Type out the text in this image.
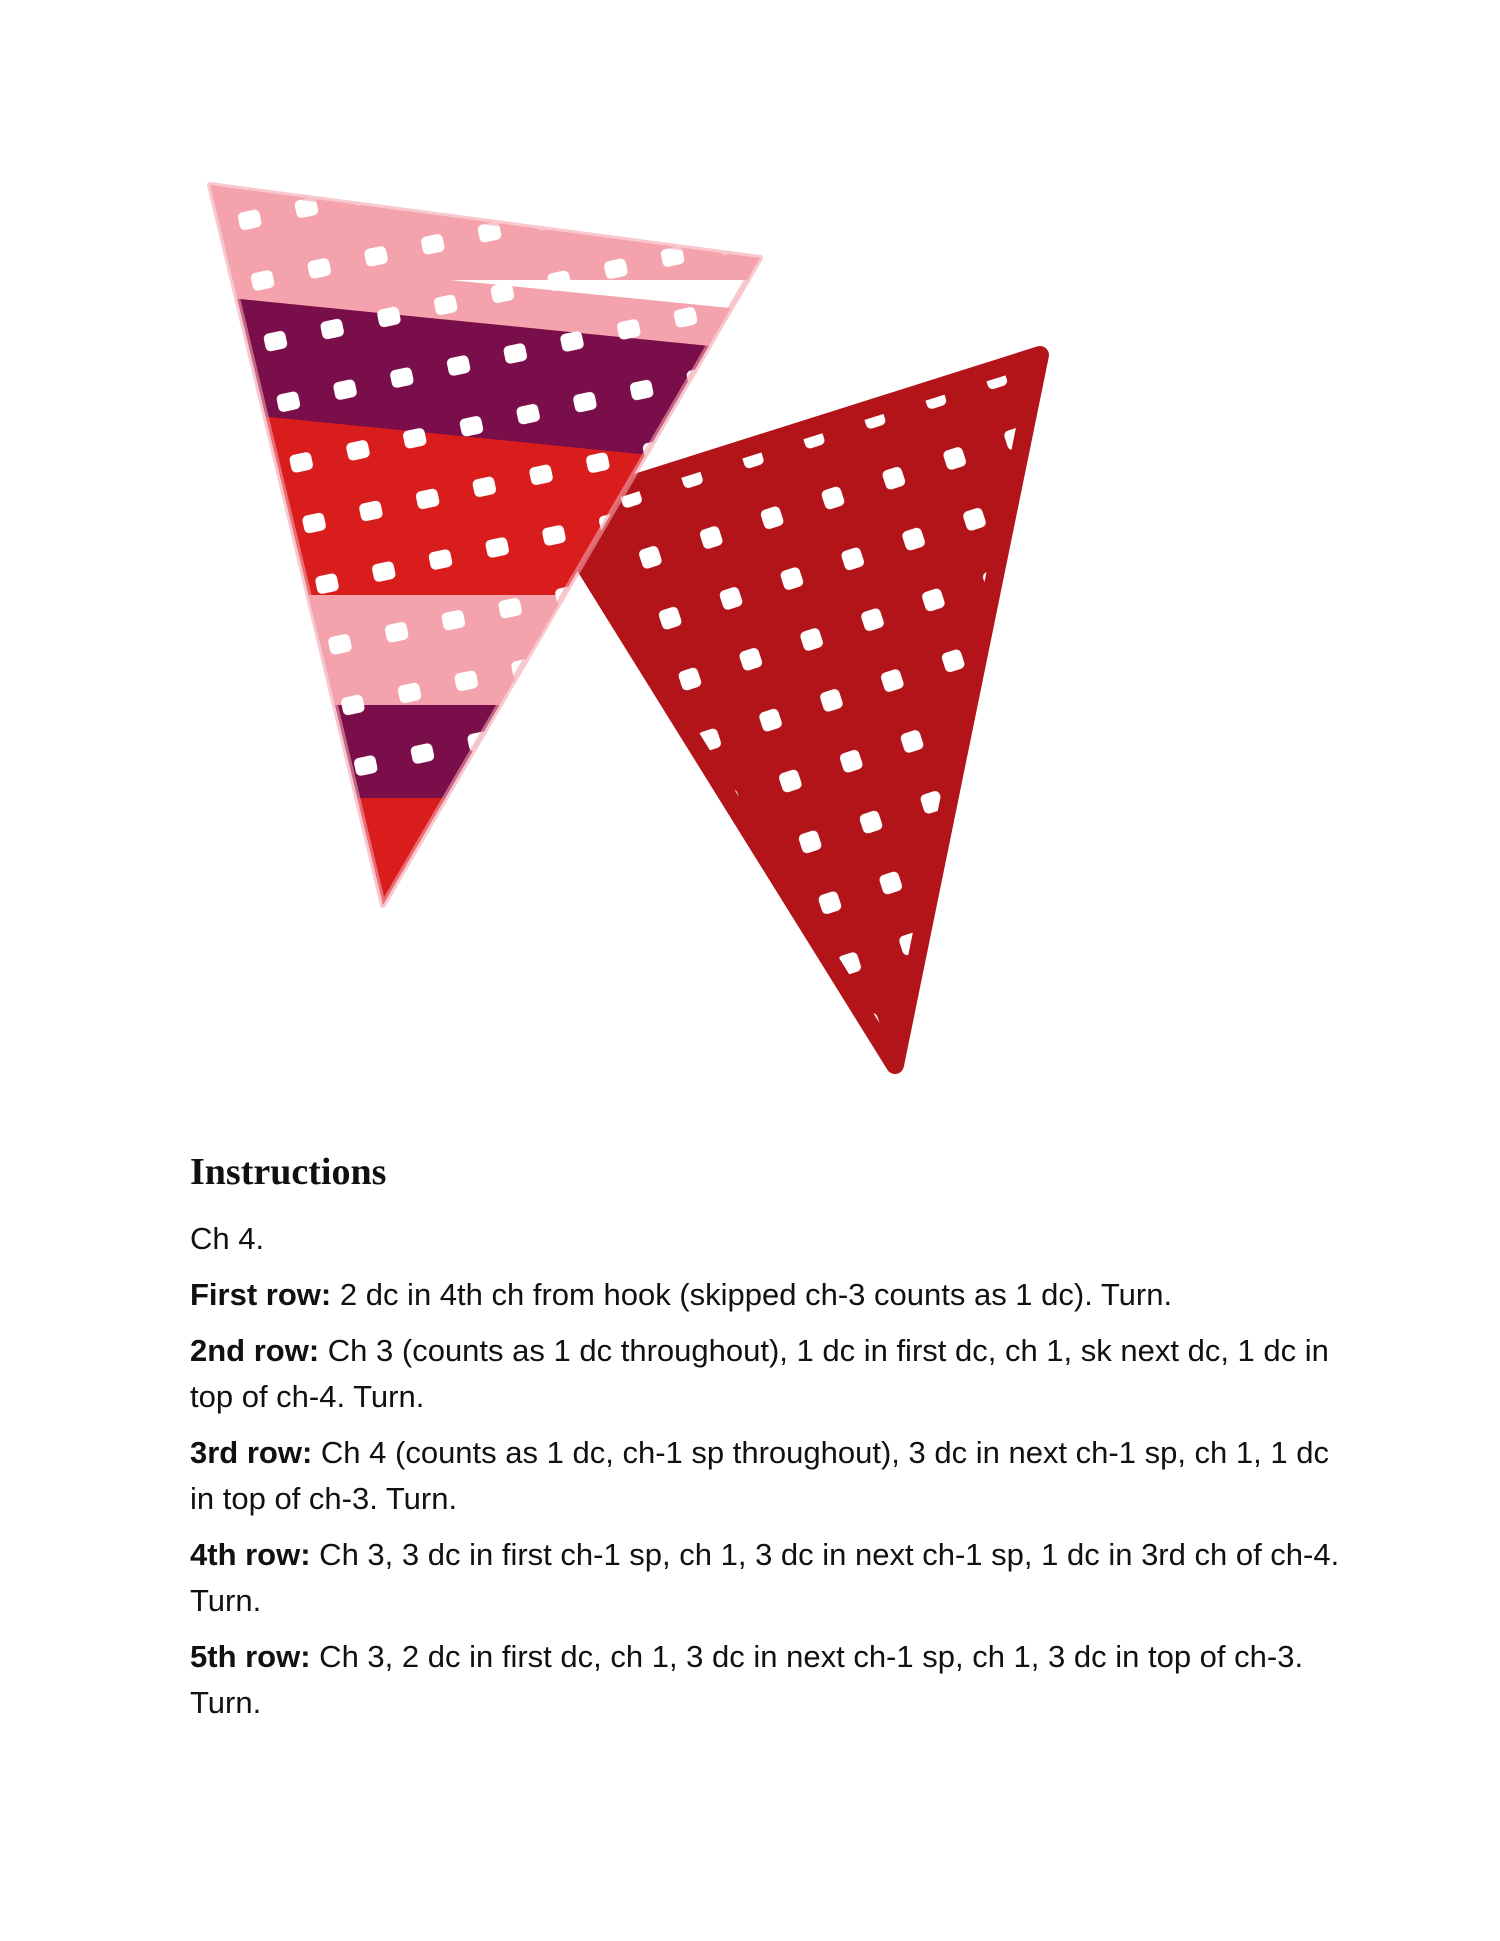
Instructions
Ch 4.
First row: 2 dc in 4th ch from hook (skipped ch-3 counts as 1 dc). Turn.
2nd row: Ch 3 (counts as 1 dc throughout), 1 dc in first dc, ch 1, sk next dc, 1 dc in top of ch-4. Turn.
3rd row: Ch 4 (counts as 1 dc, ch-1 sp throughout), 3 dc in next ch-1 sp, ch 1, 1 dc in top of ch-3. Turn.
4th row: Ch 3, 3 dc in first ch-1 sp, ch 1, 3 dc in next ch-1 sp, 1 dc in 3rd ch of ch-4. Turn.
5th row: Ch 3, 2 dc in first dc, ch 1, 3 dc in next ch-1 sp, ch 1, 3 dc in top of ch-3. Turn.
